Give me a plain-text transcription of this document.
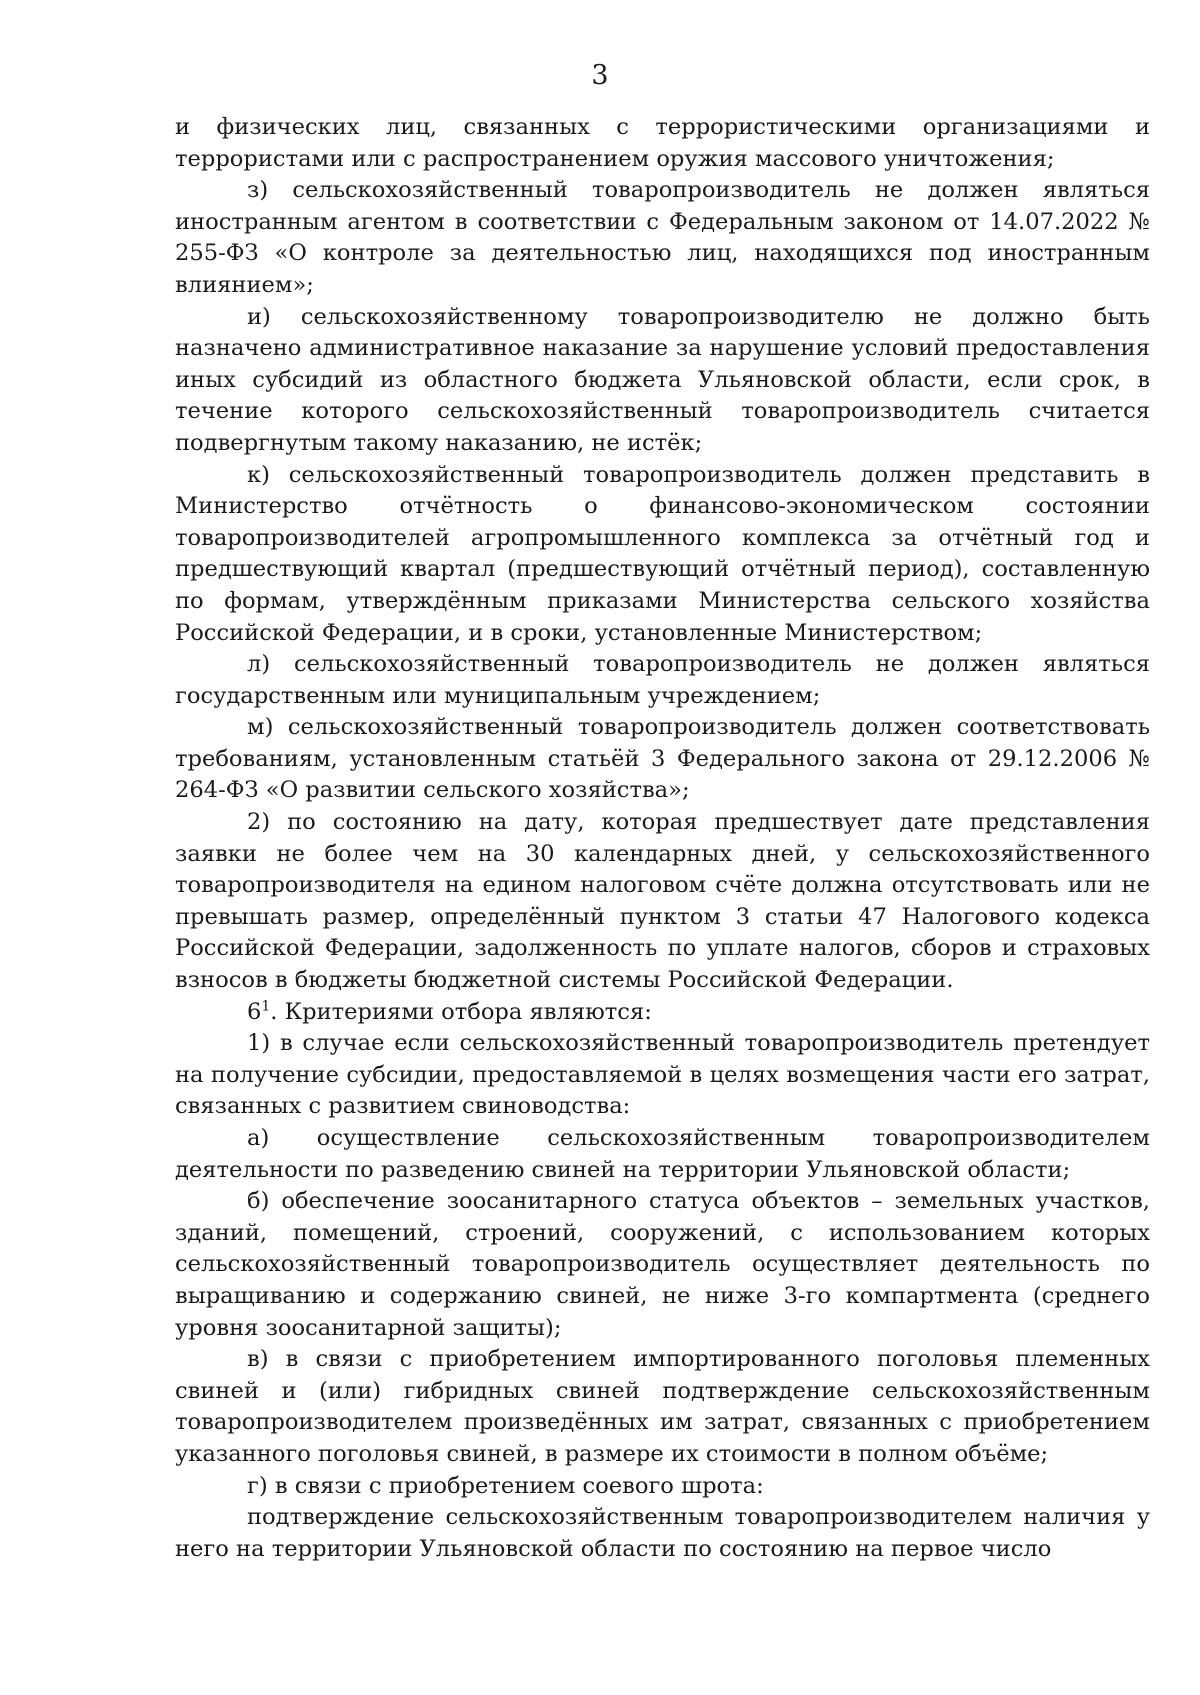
3

и физических лиц, связанных с террористическими организациями и террористами или с распространением оружия массового уничтожения;

з) сельскохозяйственный товаропроизводитель не должен являться иностранным агентом в соответствии с Федеральным законом от 14.07.2022 № 255-ФЗ «О контроле за деятельностью лиц, находящихся под иностранным влиянием»;

и) сельскохозяйственному товаропроизводителю не должно быть назначено административное наказание за нарушение условий предоставления иных субсидий из областного бюджета Ульяновской области, если срок, в течение которого сельскохозяйственный товаропроизводитель считается подвергнутым такому наказанию, не истёк;

к) сельскохозяйственный товаропроизводитель должен представить в Министерство отчётность о финансово-экономическом состоянии товаропроизводителей агропромышленного комплекса за отчётный год и предшествующий квартал (предшествующий отчётный период), составленную по формам, утверждённым приказами Министерства сельского хозяйства Российской Федерации, и в сроки, установленные Министерством;

л) сельскохозяйственный товаропроизводитель не должен являться государственным или муниципальным учреждением;

м) сельскохозяйственный товаропроизводитель должен соответствовать требованиям, установленным статьёй 3 Федерального закона от 29.12.2006 № 264-ФЗ «О развитии сельского хозяйства»;

2) по состоянию на дату, которая предшествует дате представления заявки не более чем на 30 календарных дней, у сельскохозяйственного товаропроизводителя на едином налоговом счёте должна отсутствовать или не превышать размер, определённый пунктом 3 статьи 47 Налогового кодекса Российской Федерации, задолженность по уплате налогов, сборов и страховых взносов в бюджеты бюджетной системы Российской Федерации.

$6^1$. Критериями отбора являются:

1) в случае если сельскохозяйственный товаропроизводитель претендует на получение субсидии, предоставляемой в целях возмещения части его затрат, связанных с развитием свиноводства:

а) осуществление сельскохозяйственным товаропроизводителем деятельности по разведению свиней на территории Ульяновской области;

б) обеспечение зоосанитарного статуса объектов – земельных участков, зданий, помещений, строений, сооружений, с использованием которых сельскохозяйственный товаропроизводитель осуществляет деятельность по выращиванию и содержанию свиней, не ниже 3-го компартмента (среднего уровня зоосанитарной защиты);

в) в связи с приобретением импортированного поголовья племенных свиней и (или) гибридных свиней подтверждение сельскохозяйственным товаропроизводителем произведённых им затрат, связанных с приобретением указанного поголовья свиней, в размере их стоимости в полном объёме;

г) в связи с приобретением соевого шрота:

подтверждение сельскохозяйственным товаропроизводителем наличия у него на территории Ульяновской области по состоянию на первое число
